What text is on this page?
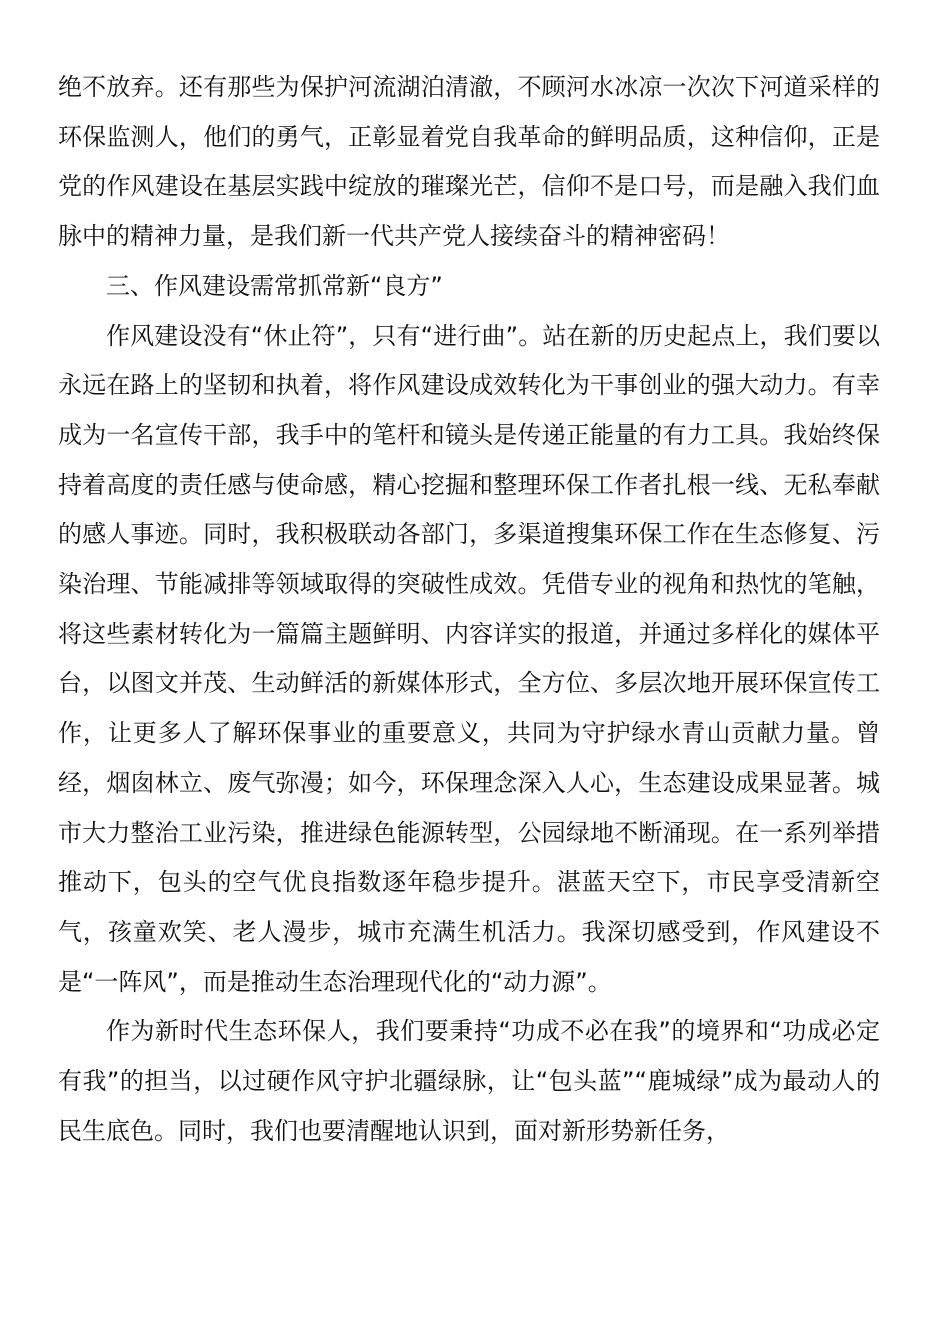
绝不放弃。还有那些为保护河流湖泊清澈，不顾河水冰凉一次次下河道采样的环保监测人，他们的勇气，正彰显着党自我革命的鲜明品质，这种信仰，正是党的作风建设在基层实践中绽放的璀璨光芒，信仰不是口号，而是融入我们血脉中的精神力量，是我们新一代共产党人接续奋斗的精神密码！

三、作风建设需常抓常新“良方”

作风建设没有“休止符”，只有“进行曲”。站在新的历史起点上，我们要以永远在路上的坚韧和执着，将作风建设成效转化为干事创业的强大动力。有幸成为一名宣传干部，我手中的笔杆和镜头是传递正能量的有力工具。我始终保持着高度的责任感与使命感，精心挖掘和整理环保工作者扎根一线、无私奉献的感人事迹。同时，我积极联动各部门，多渠道搜集环保工作在生态修复、污染治理、节能减排等领域取得的突破性成效。凭借专业的视角和热忱的笔触，将这些素材转化为一篇篇主题鲜明、内容详实的报道，并通过多样化的媒体平台，以图文并茂、生动鲜活的新媒体形式，全方位、多层次地开展环保宣传工作，让更多人了解环保事业的重要意义，共同为守护绿水青山贡献力量。曾经，烟囱林立、废气弥漫；如今，环保理念深入人心，生态建设成果显著。城市大力整治工业污染，推进绿色能源转型，公园绿地不断涌现。在一系列举措推动下，包头的空气优良指数逐年稳步提升。湛蓝天空下，市民享受清新空气，孩童欢笑、老人漫步，城市充满生机活力。我深切感受到，作风建设不是“一阵风”，而是推动生态治理现代化的“动力源”。

作为新时代生态环保人，我们要秉持“功成不必在我”的境界和“功成必定有我”的担当，以过硬作风守护北疆绿脉，让“包头蓝”“鹿城绿”成为最动人的民生底色。同时，我们也要清醒地认识到，面对新形势新任务，
